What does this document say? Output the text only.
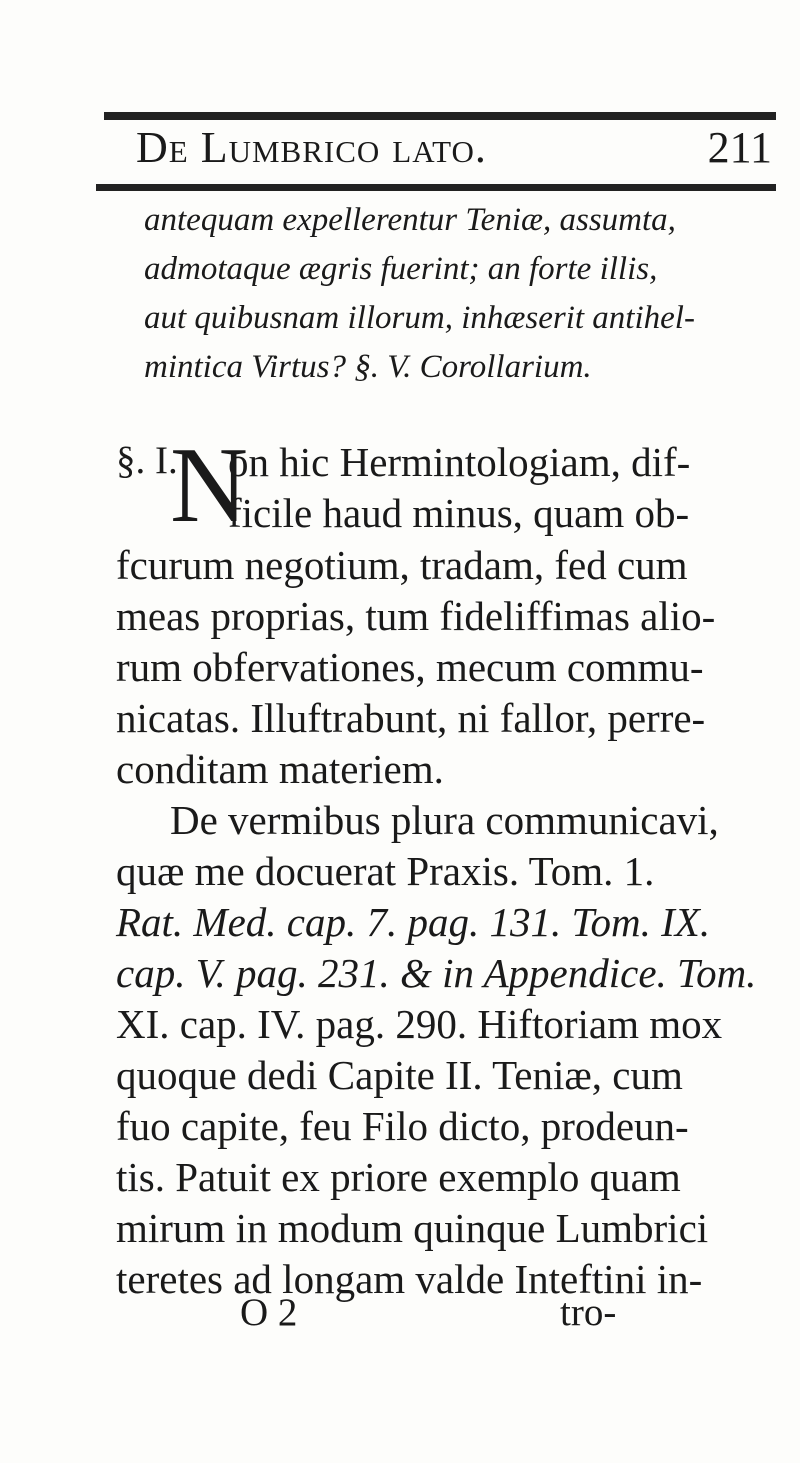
De Lumbrico lato.	211
antequam expellerentur Teniæ, assumta,
admotaque ægris fuerint; an forte illis,
aut quibusnam illorum, inhæserit antihel-
mintica Virtus? §. V. Corollarium.
§. I.
N
on hic Hermintologiam, dif-
ficile haud minus, quam ob-
fcurum negotium, tradam, fed cum
meas proprias, tum fideliffimas alio-
rum obfervationes, mecum commu-
nicatas. Illuftrabunt, ni fallor, perre-
conditam materiem.
De vermibus plura communicavi,
quæ me docuerat Praxis. Tom. 1.
Rat. Med. cap. 7. pag. 131. Tom. IX.
cap. V. pag. 231. & in Appendice. Tom.
XI. cap. IV. pag. 290. Hiftoriam mox
quoque dedi Capite II. Teniæ, cum
fuo capite, feu Filo dicto, prodeun-
tis. Patuit ex priore exemplo quam
mirum in modum quinque Lumbrici
teretes ad longam valde Inteftini in-
O 2	tro-
